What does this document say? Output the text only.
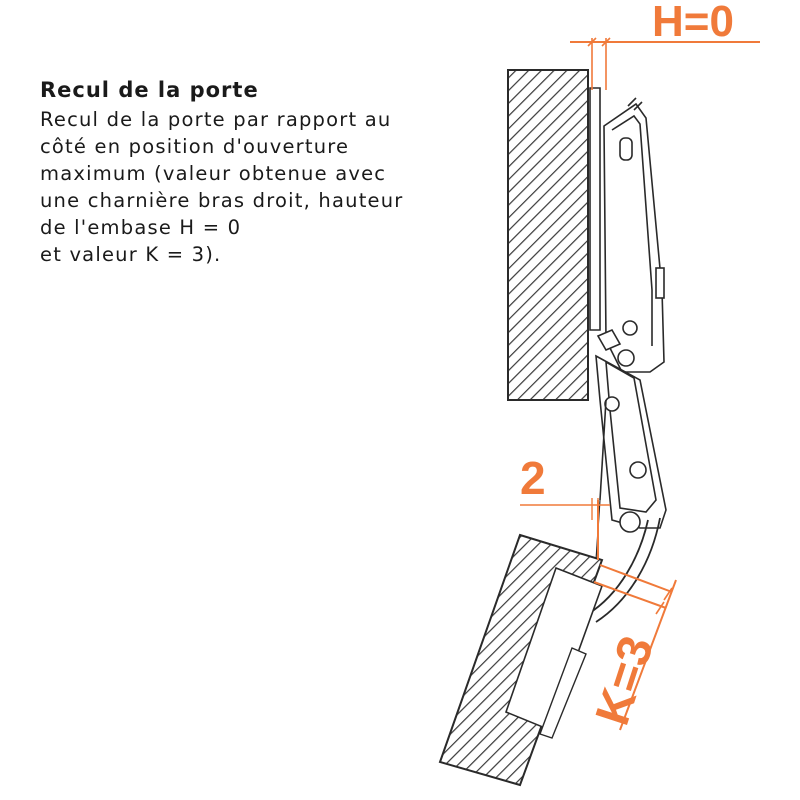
Recul de la porte

Recul de la porte par rapport au

côté en position d'ouverture

maximum (valeur obtenue avec

une charnière bras droit, hauteur

de l'embase H = 0

et valeur K = 3).

H=0
2
K=3
